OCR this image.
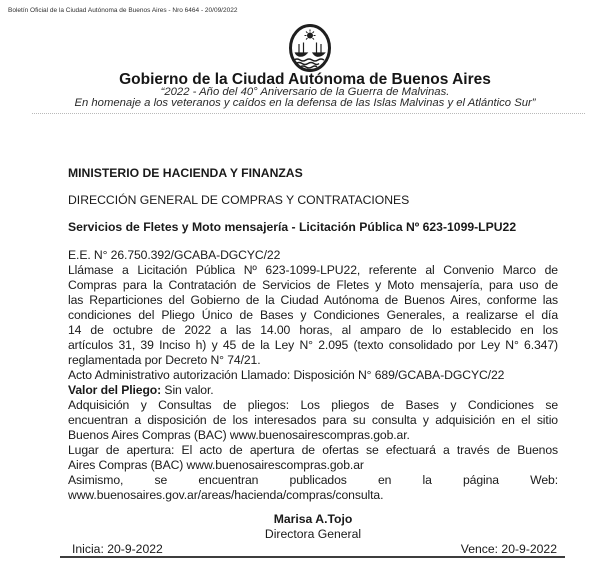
Boletín Oficial de la Ciudad Autónoma de Buenos Aires - Nro 6464 - 20/09/2022
Gobierno de la Ciudad Autónoma de Buenos Aires
“2022 - Año del 40° Aniversario de la Guerra de Malvinas.
En homenaje a los veteranos y caídos en la defensa de las Islas Malvinas y el Atlántico Sur”
MINISTERIO DE HACIENDA Y FINANZAS
DIRECCIÓN GENERAL DE COMPRAS Y CONTRATACIONES
Servicios de Fletes y Moto mensajería - Licitación Pública Nº 623-1099-LPU22
E.E. N° 26.750.392/GCABA-DGCYC/22
Llámase a Licitación Pública Nº 623-1099-LPU22, referente al Convenio Marco de
Compras para la Contratación de Servicios de Fletes y Moto mensajería, para uso de
las Reparticiones del Gobierno de la Ciudad Autónoma de Buenos Aires, conforme las
condiciones del Pliego Único de Bases y Condiciones Generales, a realizarse el día
14 de octubre de 2022 a las 14.00 horas, al amparo de lo establecido en los
artículos 31, 39 Inciso h) y 45 de la Ley N° 2.095 (texto consolidado por Ley N° 6.347)
reglamentada por Decreto N° 74/21.
Acto Administrativo autorización Llamado: Disposición N° 689/GCABA-DGCYC/22
Valor del Pliego: Sin valor.
Adquisición y Consultas de pliegos: Los pliegos de Bases y Condiciones se
encuentran a disposición de los interesados para su consulta y adquisición en el sitio
Buenos Aires Compras (BAC) www.buenosairescompras.gob.ar.
Lugar de apertura: El acto de apertura de ofertas se efectuará a través de Buenos
Aires Compras (BAC) www.buenosairescompras.gob.ar
Asimismo, se encuentran publicados en la página Web:
www.buenosaires.gov.ar/areas/hacienda/compras/consulta.
Marisa A.Tojo
Directora General
Inicia: 20-9-2022	Vence: 20-9-2022
